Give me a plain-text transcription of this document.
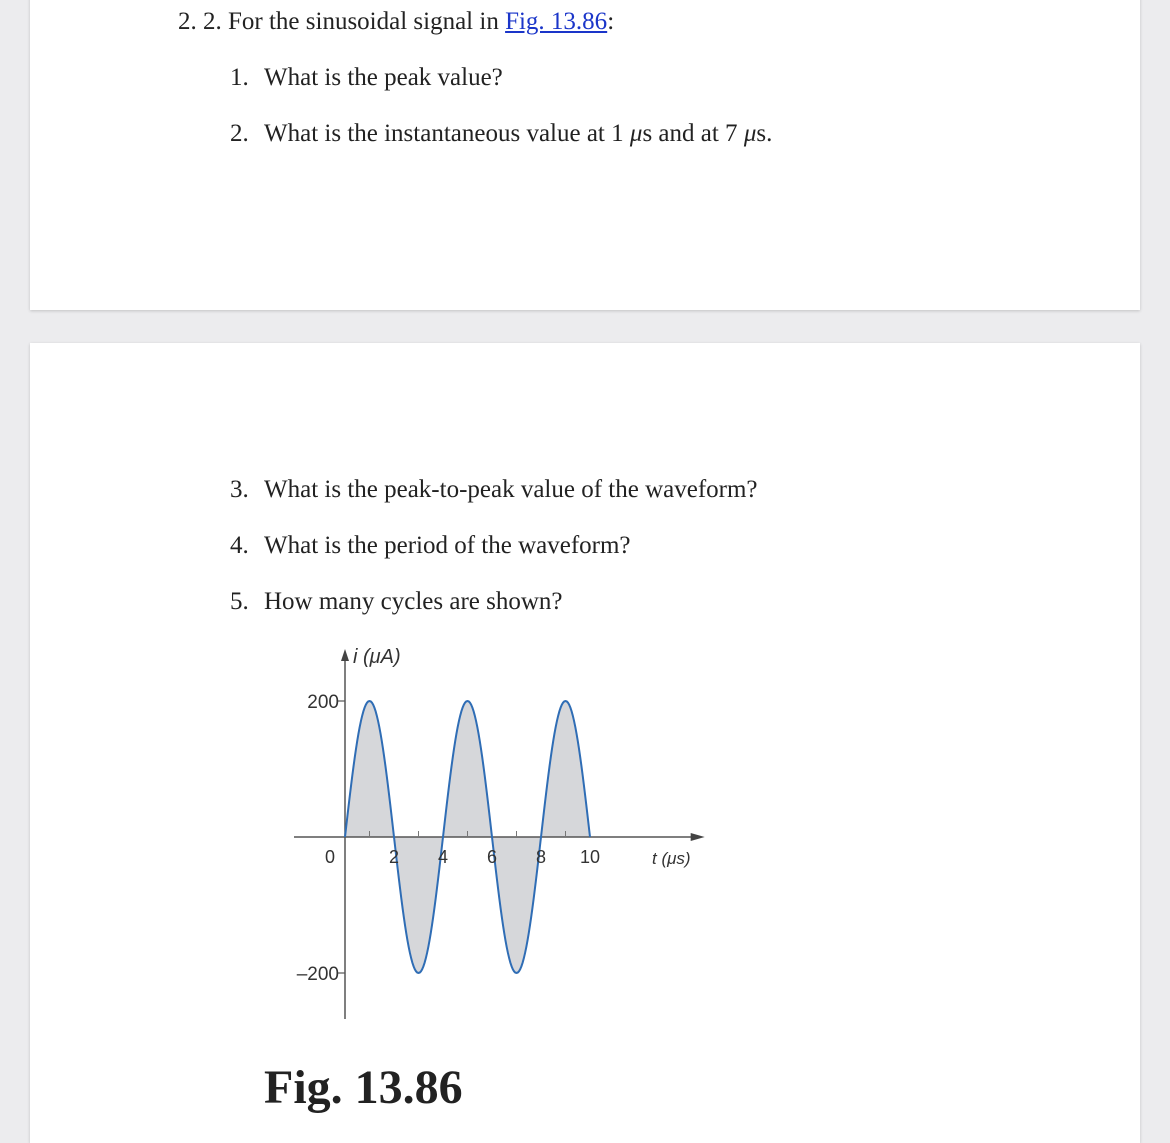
2. 2. For the sinusoidal signal in Fig. 13.86:
1. What is the peak value?
2. What is the instantaneous value at 1 μs and at 7 μs.
3. What is the peak-to-peak value of the waveform?
4. What is the period of the waveform?
5. How many cycles are shown?
0	2 4 6 8 10
200
–200
i (μA)
t (μs)
Fig. 13.86
